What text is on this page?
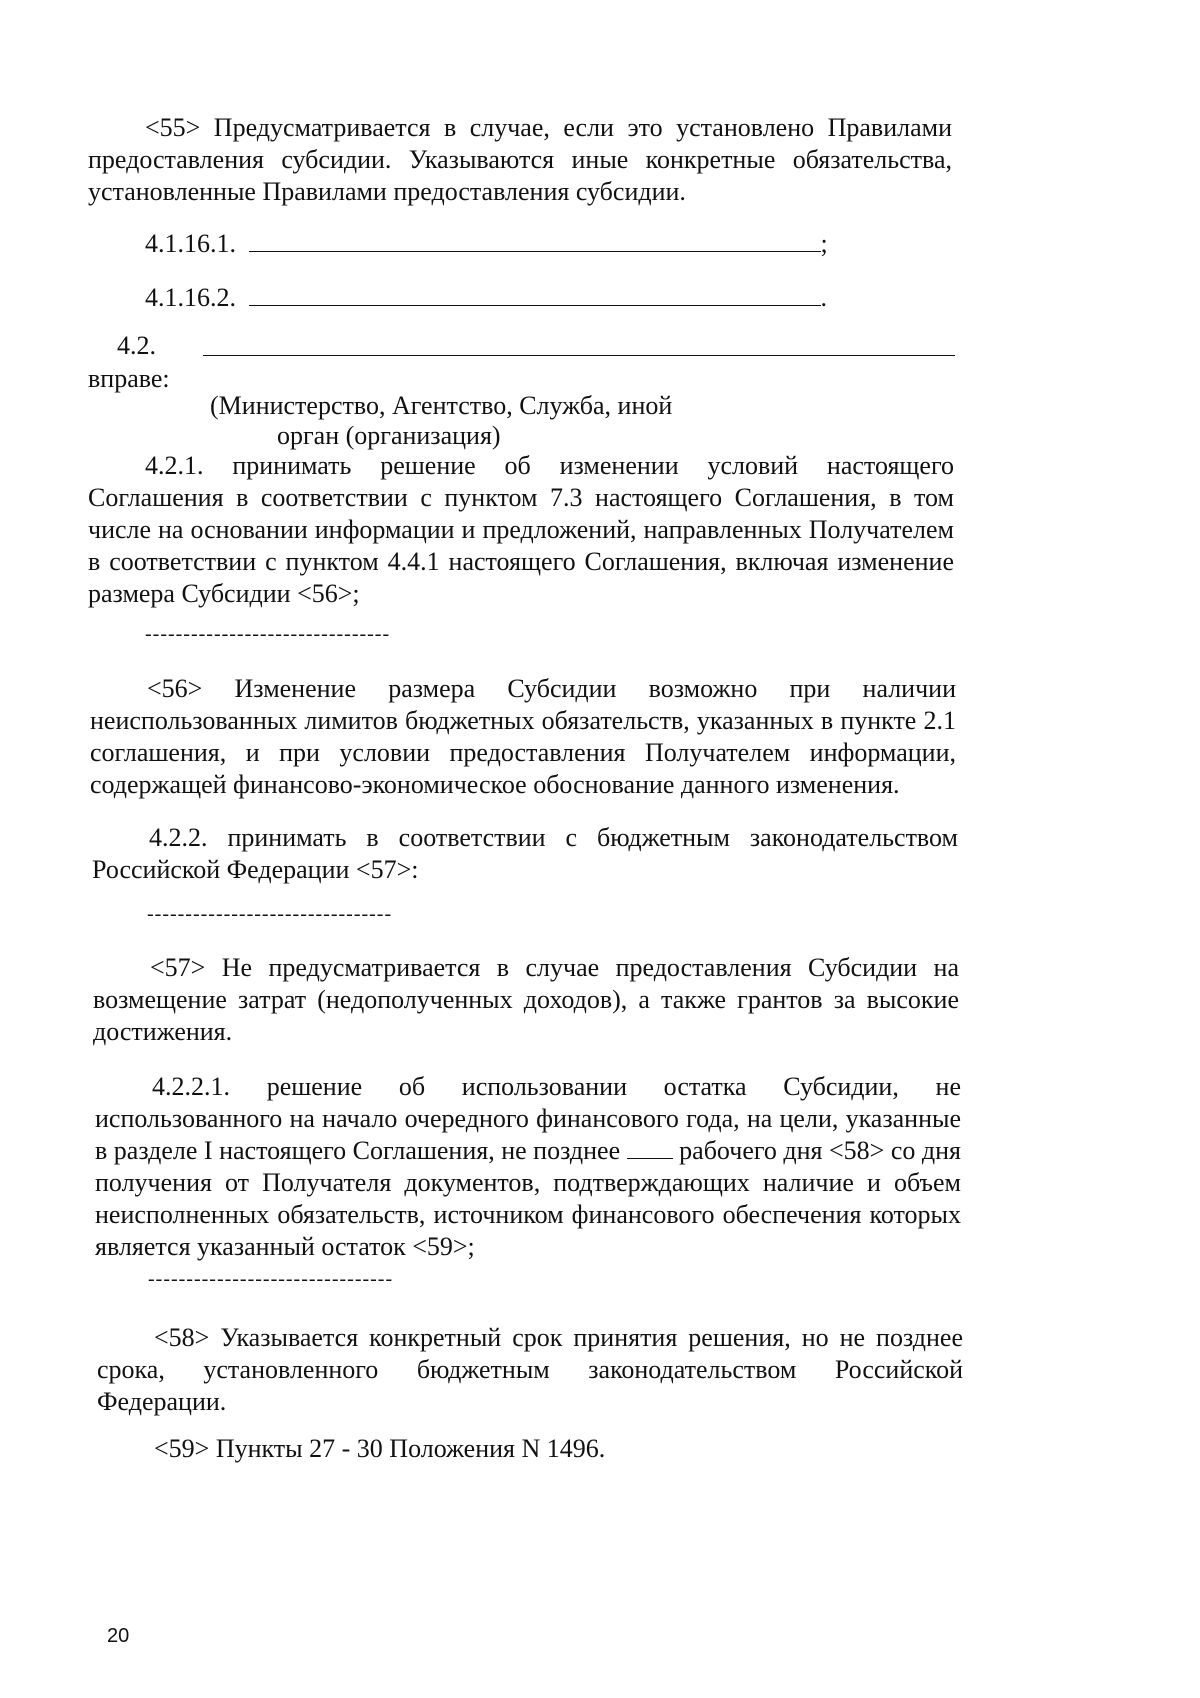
<55> Предусматривается в случае, если это установлено Правилами предоставления субсидии. Указываются иные конкретные обязательства, установленные Правилами предоставления субсидии.

4.1.16.1.	;
4.1.16.2.	.
4.2.
вправе:
(Министерство, Агентство, Служба, иной
орган (организация)

4.2.1. принимать решение об изменении условий настоящего Соглашения в соответствии с пунктом 7.3 настоящего Соглашения, в том числе на основании информации и предложений, направленных Получателем в соответствии с пунктом 4.4.1 настоящего Соглашения, включая изменение размера Субсидии <56>;

--------------------------------

<56> Изменение размера Субсидии возможно при наличии неиспользованных лимитов бюджетных обязательств, указанных в пункте 2.1 соглашения, и при условии предоставления Получателем информации, содержащей финансово-экономическое обоснование данного изменения.

4.2.2. принимать в соответствии с бюджетным законодательством Российской Федерации <57>:

--------------------------------

<57> Не предусматривается в случае предоставления Субсидии на возмещение затрат (недополученных доходов), а также грантов за высокие достижения.

4.2.2.1. решение об использовании остатка Субсидии, не использованного на начало очередного финансового года, на цели, указанные в разделе I настоящего Соглашения, не позднее рабочего дня <58> со дня получения от Получателя документов, подтверждающих наличие и объем неисполненных обязательств, источником финансового обеспечения которых является указанный остаток <59>;

--------------------------------

<58> Указывается конкретный срок принятия решения, но не позднее срока, установленного бюджетным законодательством Российской Федерации.

<59> Пункты 27 - 30 Положения N 1496.

20
